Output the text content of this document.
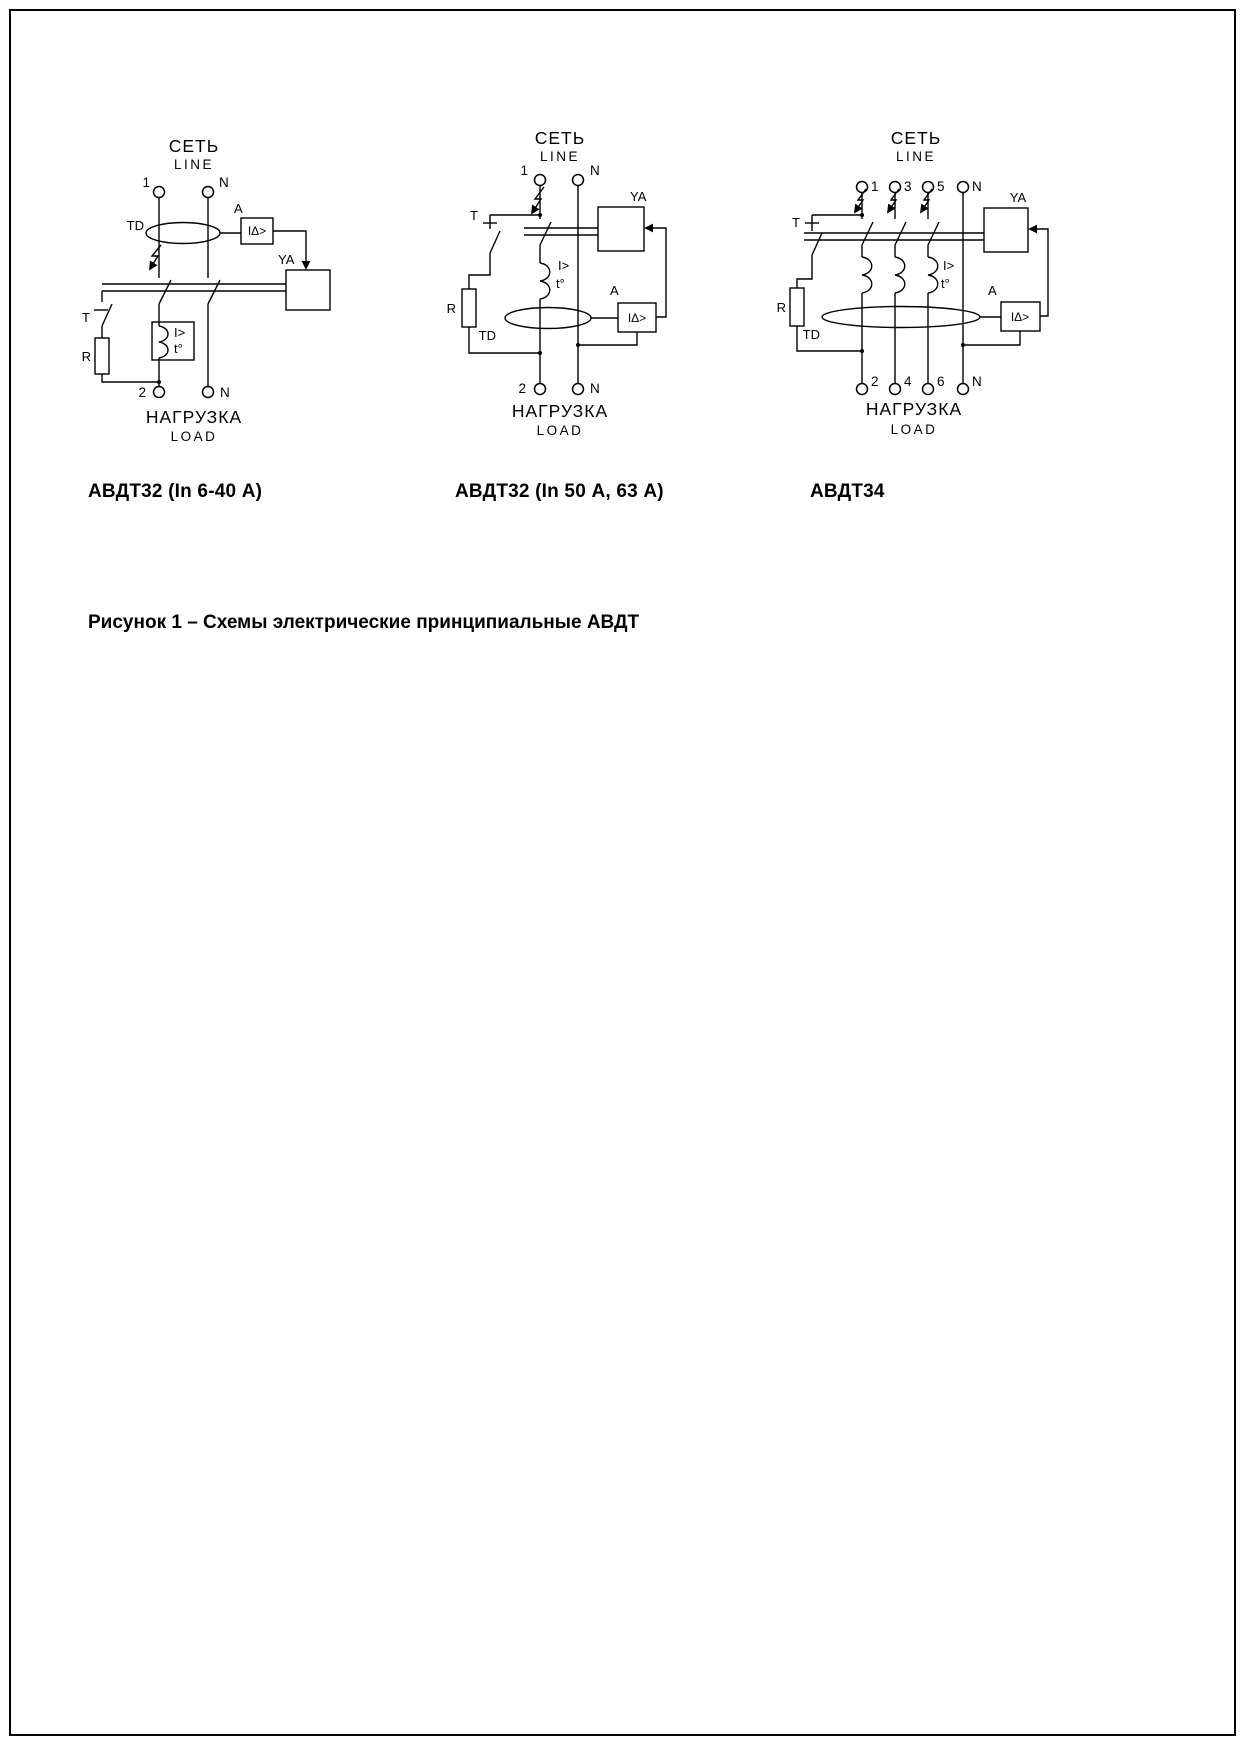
СЕТЬ
LINE
1	N
TD
A
IΔ>
YA
I>
t°
T
R
2	N
НАГРУЗКА
LOAD
СЕТЬ
LINE
1	N
YA
TD
A
IΔ>
I>
t°
T
R
2	N
НАГРУЗКА
LOAD
СЕТЬ
LINE
1 3 5 N
YA
TD
A
IΔ>
I>
t°
T
R
2 4 6 N
НАГРУЗКА
LOAD
АВДТ32 (In 6-40 А)	АВДТ32 (In 50 А, 63 А)	АВДТ34
Рисунок 1 – Схемы электрические принципиальные АВДТ
